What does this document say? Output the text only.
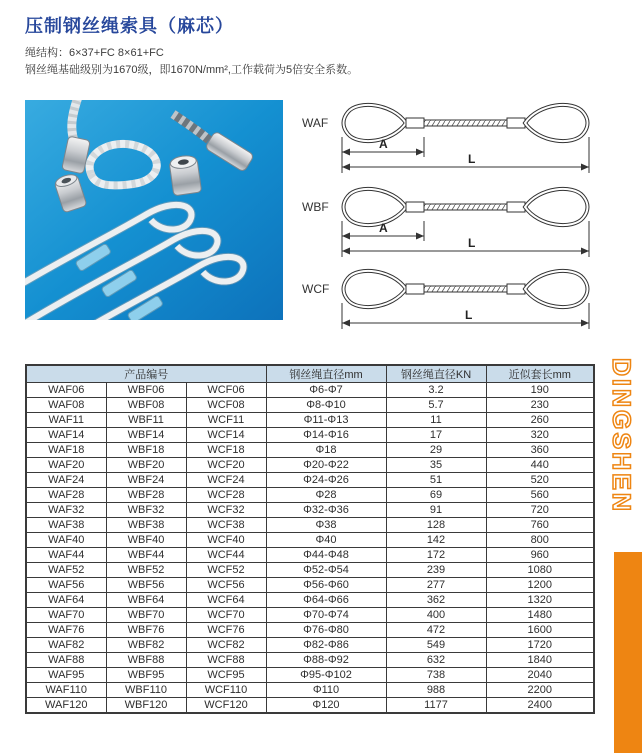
压制钢丝绳索具（麻芯）
绳结构：6×37+FC 8×61+FC
钢丝绳基础级别为1670级，即1670N/mm²,工作载荷为5倍安全系数。
WAF
A
L
WBF
A
L
WCF
L
DINGSHEN
产品编号			钢丝绳直径mm	钢丝绳直径KN	近似套长mm
WAF06	WBF06	WCF06	Φ6-Φ7	3.2	190
WAF08	WBF08	WCF08	Φ8-Φ10	5.7	230
WAF11	WBF11	WCF11	Φ11-Φ13	11	260
WAF14	WBF14	WCF14	Φ14-Φ16	17	320
WAF18	WBF18	WCF18	Φ18	29	360
WAF20	WBF20	WCF20	Φ20-Φ22	35	440
WAF24	WBF24	WCF24	Φ24-Φ26	51	520
WAF28	WBF28	WCF28	Φ28	69	560
WAF32	WBF32	WCF32	Φ32-Φ36	91	720
WAF38	WBF38	WCF38	Φ38	128	760
WAF40	WBF40	WCF40	Φ40	142	800
WAF44	WBF44	WCF44	Φ44-Φ48	172	960
WAF52	WBF52	WCF52	Φ52-Φ54	239	1080
WAF56	WBF56	WCF56	Φ56-Φ60	277	1200
WAF64	WBF64	WCF64	Φ64-Φ66	362	1320
WAF70	WBF70	WCF70	Φ70-Φ74	400	1480
WAF76	WBF76	WCF76	Φ76-Φ80	472	1600
WAF82	WBF82	WCF82	Φ82-Φ86	549	1720
WAF88	WBF88	WCF88	Φ88-Φ92	632	1840
WAF95	WBF95	WCF95	Φ95-Φ102	738	2040
WAF110	WBF110	WCF110	Φ110	988	2200
WAF120	WBF120	WCF120	Φ120	1177	2400
